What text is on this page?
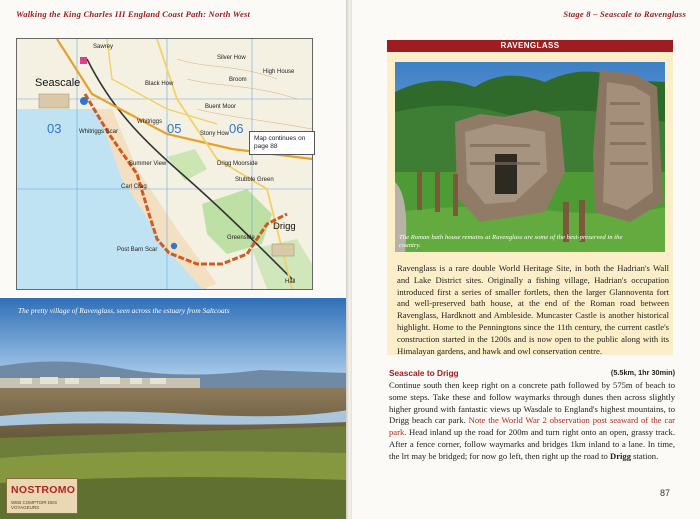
Walking the King Charles III England Coast Path: North West
Seascale
Sawrey
Silver How
Broom
High House
Black How
Whitriggs
Buent Moor
Stony How
Whitriggs Scar
Summer View	Drigg Moorside
Stubble Green
Carl Crag
Drigg
Greenside
Post Barn Scar
Hall
03	05	06
Map continues on page 88
The pretty village of Ravenglass, seen across the estuary from Saltcoats
NOSTROMO
WEB COMPTOIR DES VOYAGEURS
Stage 8 – Seascale to Ravenglass
RAVENGLASS
The Roman bath house remains at Ravenglass are some of the best-preserved in the country.
Ravenglass is a rare double World Heritage Site, in both the Hadrian's Wall and Lake District sites. Originally a fishing village, Hadrian's occupation introduced first a series of smaller fortlets, then the larger Glannoventa fort and well-preserved bath house, at the end of the Roman road between Ravenglass, Hardknott and Ambleside. Muncaster Castle is another historical highlight. Home to the Penningtons since the 11th century, the current castle's construction started in the 1200s and is now open to the public along with its Himalayan gardens, and hawk and owl conservation centre.
Seascale to Drigg	(5.5km, 1hr 30min)
Continue south then keep right on a concrete path followed by 575m of beach to some steps. Take these and follow waymarks through dunes then across slightly higher ground with fantastic views up Wasdale to England's highest mountains, to Drigg beach car park. Note the World War 2 observation post seaward of the car park. Head inland up the road for 200m and turn right onto an open, grassy track. After a fence corner, follow waymarks and bridges 1km inland to a lane. In time, the lrt may be bridged; for now go left, then right up the road to Drigg station.
87
